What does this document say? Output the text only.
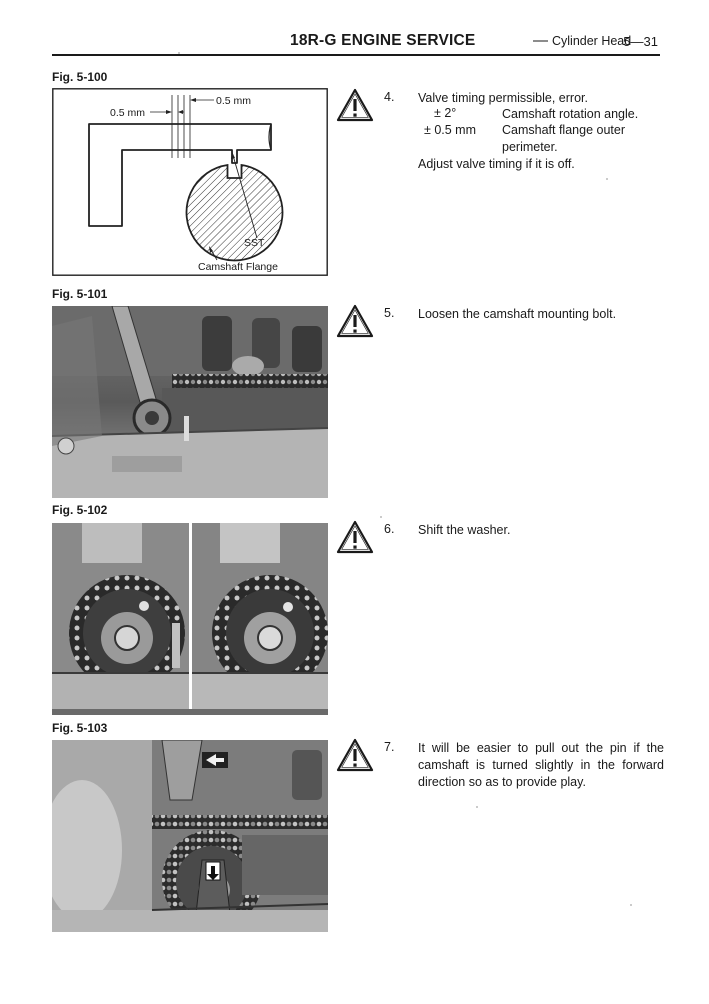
18R-G ENGINE SERVICE	— Cylinder Head
5—31
Fig. 5-100
0.5 mm
0.5 mm
SST
Camshaft Flange
Fig. 5-101
Fig. 5-102
Fig. 5-103
4. Valve timing permissible, error.
± 2°	Camshaft rotation angle.
± 0.5 mm Camshaft flange outer
perimeter.
Adjust valve timing if it is off.
5. Loosen the camshaft mounting bolt.
6. Shift the washer.
7. It will be easier to pull out the pin if the camshaft is turned slightly in the forward direction so as to provide play.
